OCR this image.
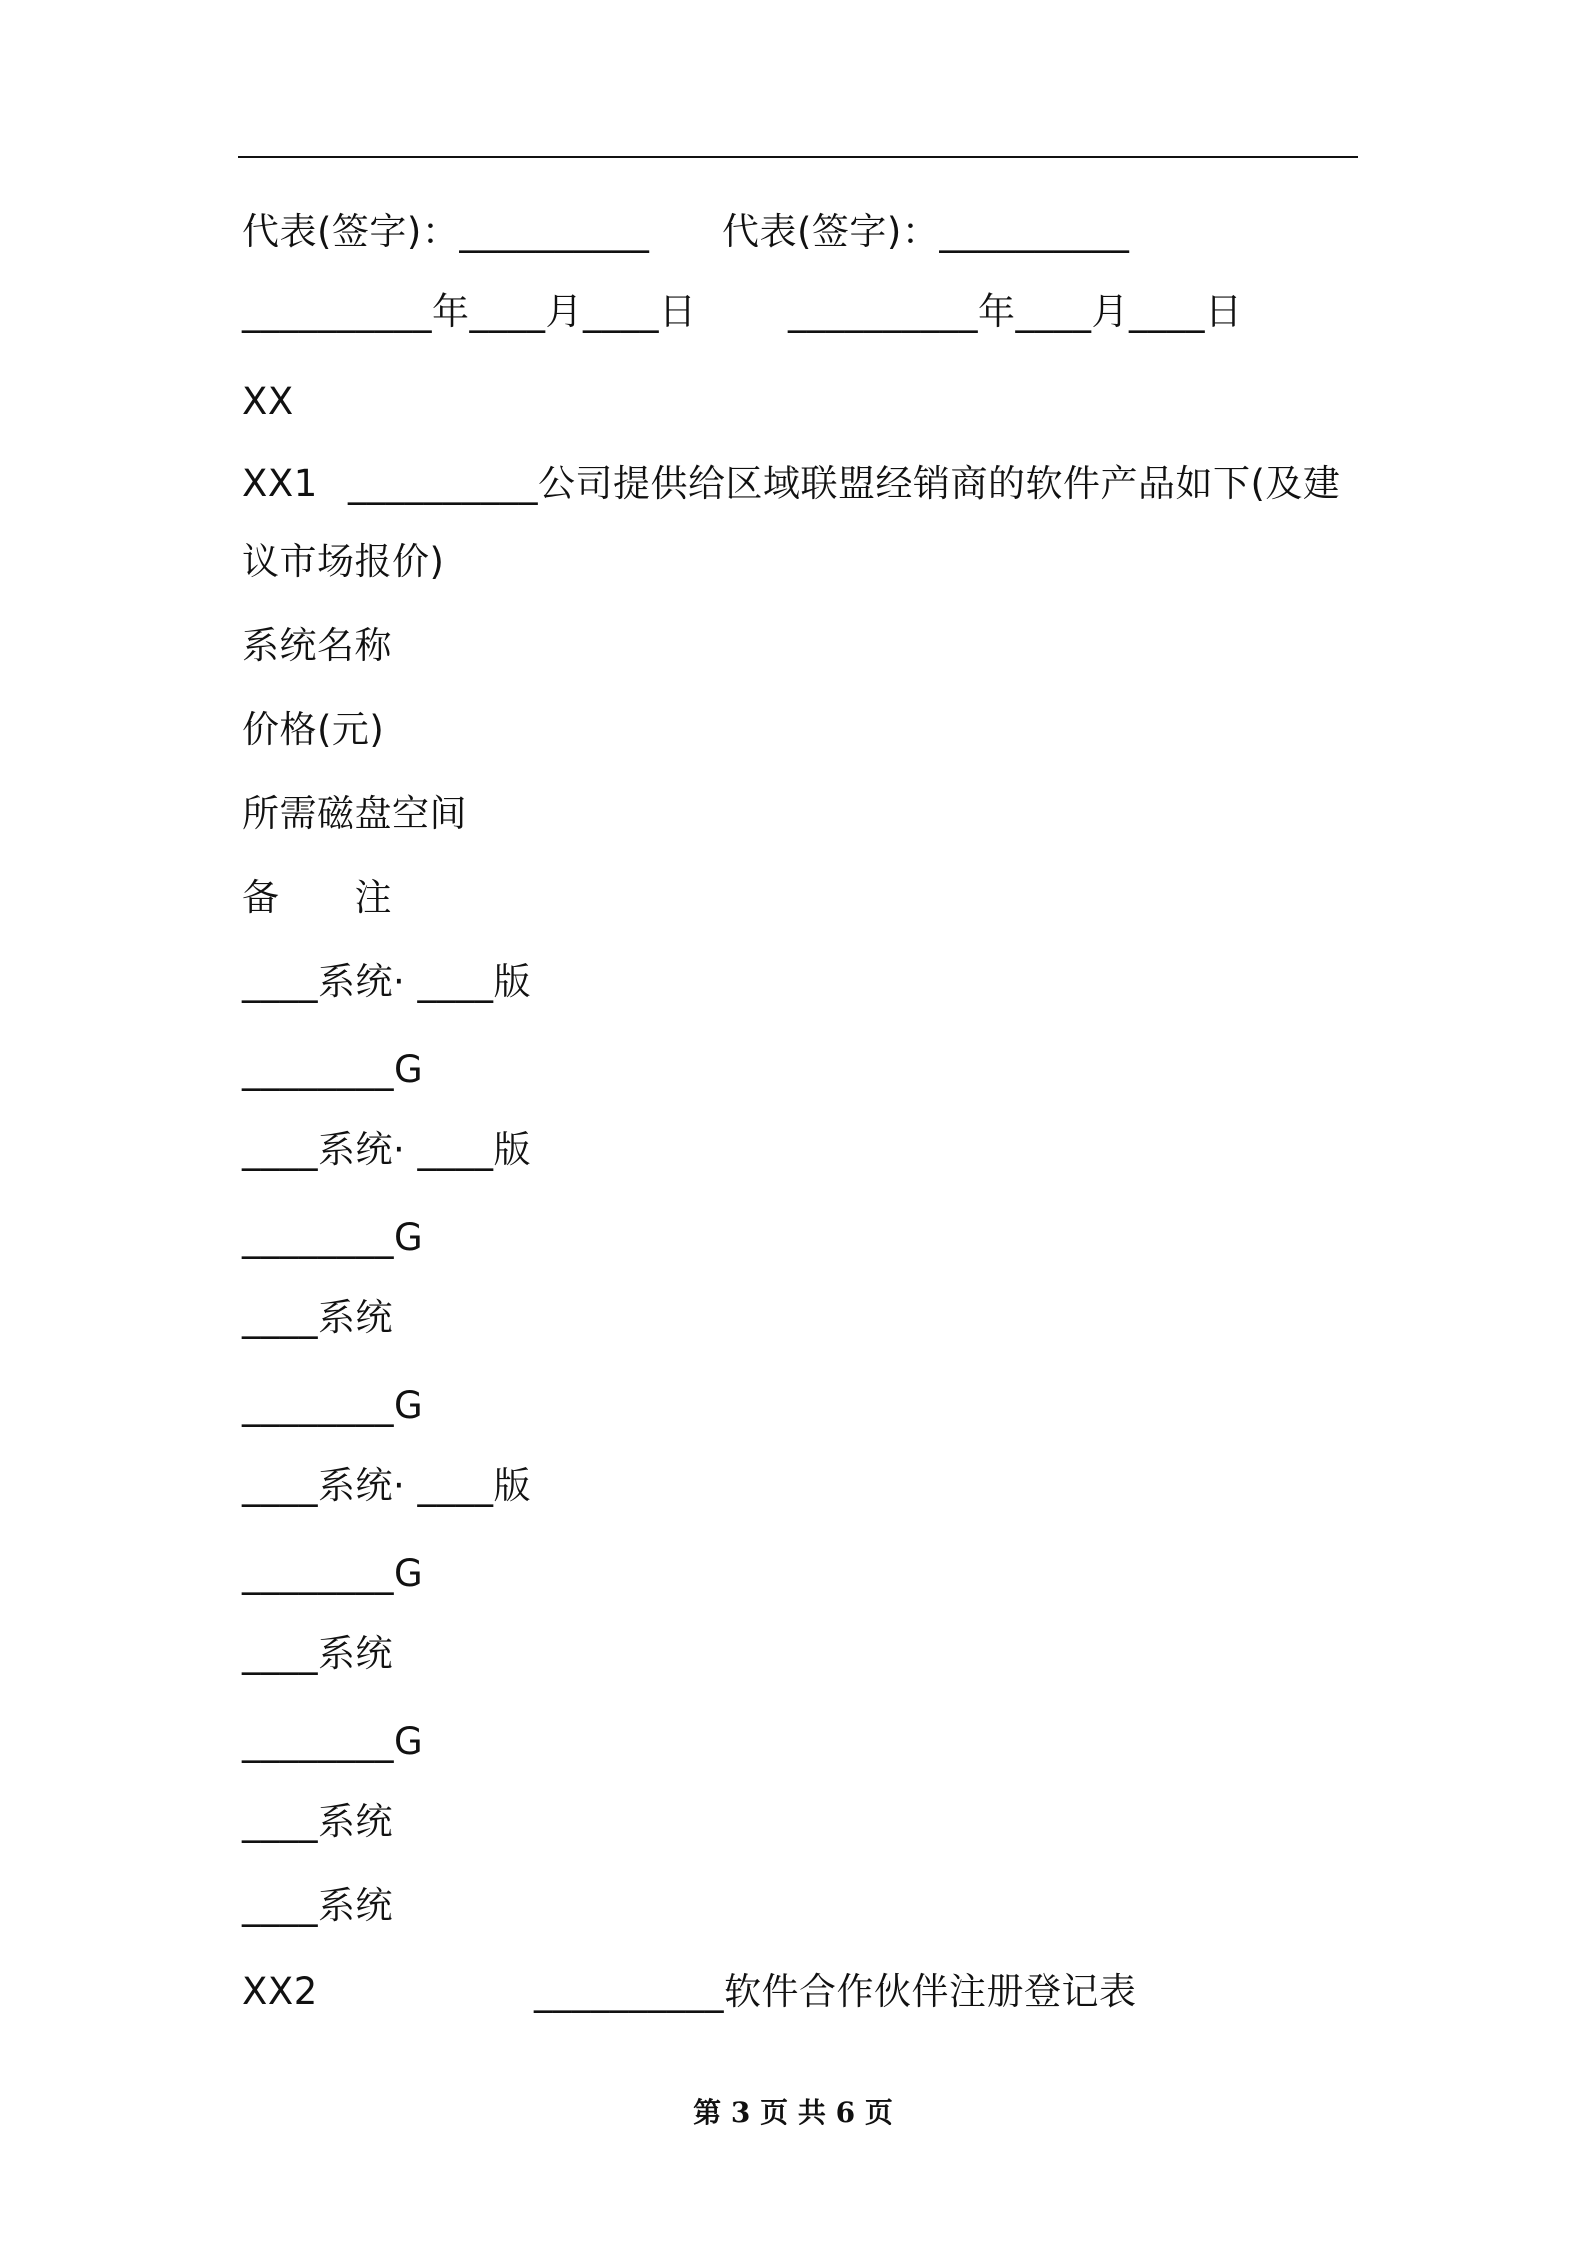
代表(签字)：__________ 代表(签字)：__________
__________年____月____日 __________年____月____日
XX
XX1 __________公司提供给区域联盟经销商的软件产品如下(及建
议市场报价)
系统名称
价格(元)
所需磁盘空间
备　　注
____系统· ____版
________G
____系统· ____版
________G
____系统
________G
____系统· ____版
________G
____系统
________G
____系统
____系统
XX2	__________软件合作伙伴注册登记表
第 3 页 共 6 页
